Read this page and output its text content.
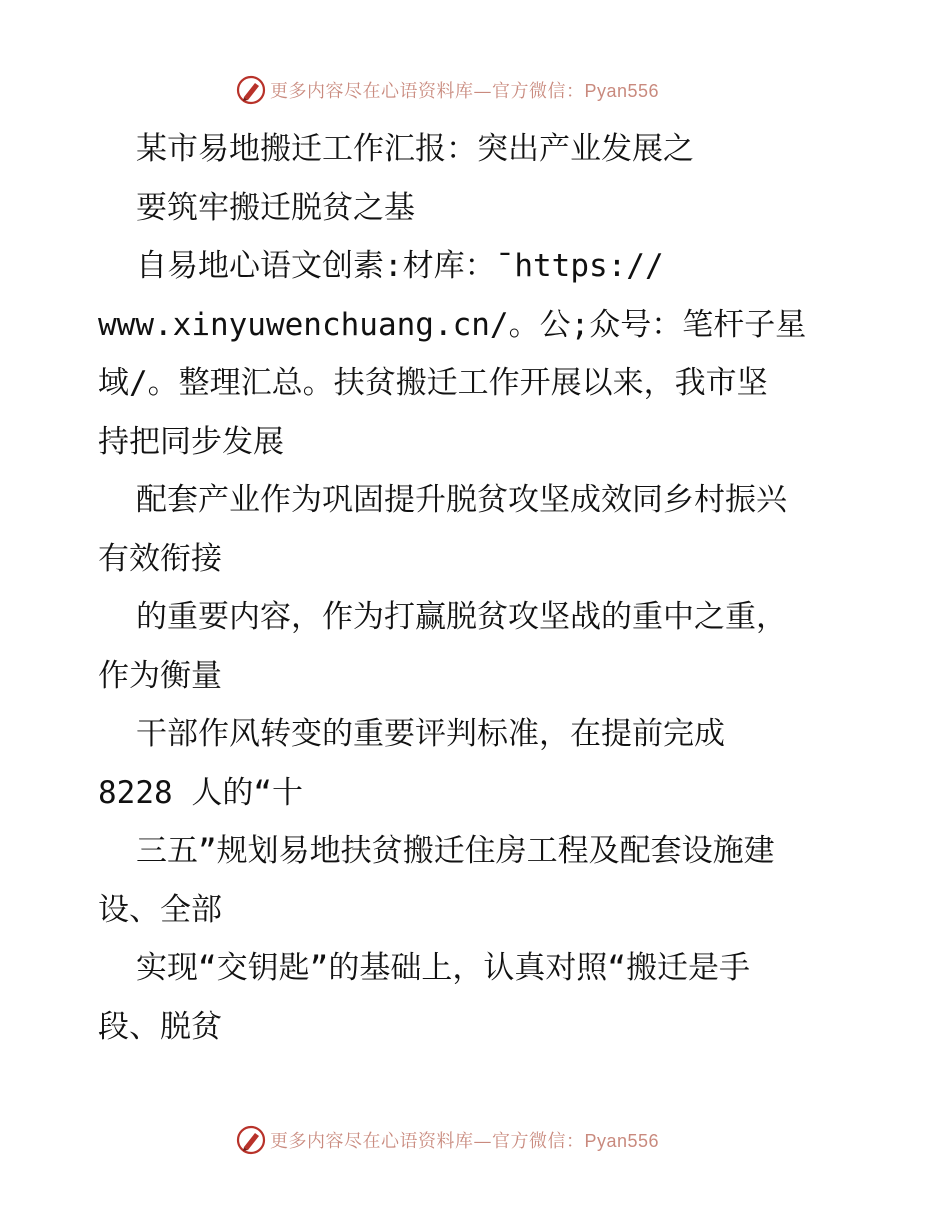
更多内容尽在心语资料库—官方微信：Pyan556
某市易地搬迁工作汇报：突出产业发展之
要筑牢搬迁脱贫之基
自易地心语文创素:材库：¯https://
www.xinyuwenchuang.cn/。公;众号：笔杆子星
域/。整理汇总。扶贫搬迁工作开展以来，我市坚
持把同步发展
配套产业作为巩固提升脱贫攻坚成效同乡村振兴
有效衔接
的重要内容，作为打赢脱贫攻坚战的重中之重，
作为衡量
干部作风转变的重要评判标准，在提前完成
8228 人的“十
三五”规划易地扶贫搬迁住房工程及配套设施建
设、全部
实现“交钥匙”的基础上，认真对照“搬迁是手
段、脱贫
更多内容尽在心语资料库—官方微信：Pyan556
